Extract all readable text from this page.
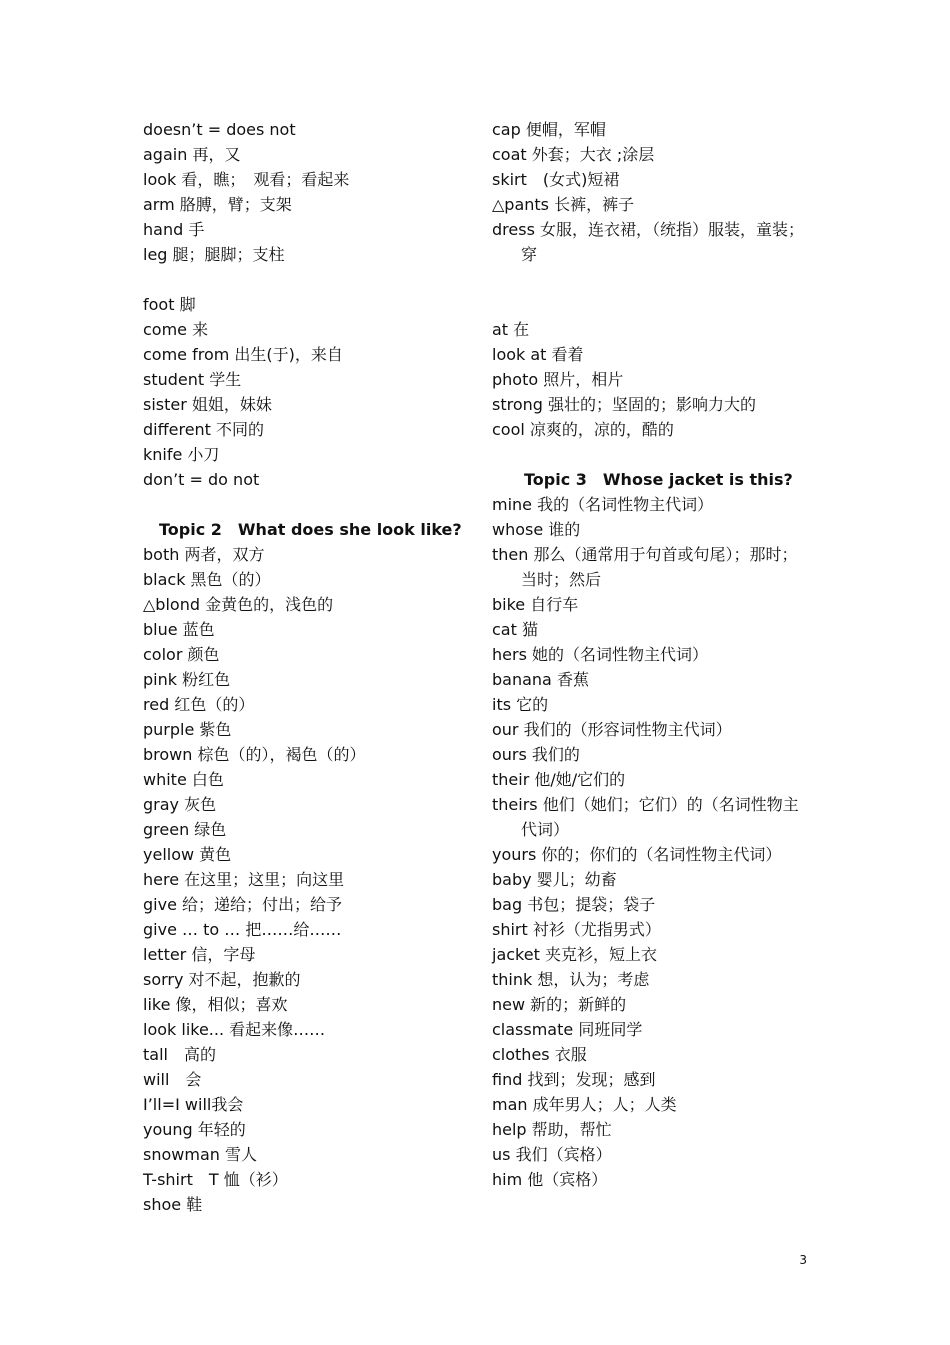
doesn’t = does not
again 再，又
look 看，瞧；　观看；看起来
arm 胳膊，臂；支架
hand 手
leg 腿；腿脚；支柱
foot 脚
come 来
come from 出生(于)，来自
student 学生
sister 姐姐，妹妹
different 不同的
knife 小刀
don’t = do not
Topic 2　What does she look like?
both 两者，双方
black 黑色（的）
△blond 金黄色的，浅色的
blue 蓝色
color 颜色
pink 粉红色
red 红色（的）
purple 紫色
brown 棕色（的），褐色（的）
white 白色
gray 灰色
green 绿色
yellow 黄色
here 在这里；这里；向这里
give 给；递给；付出；给予
give … to … 把……给……
letter 信，字母
sorry 对不起，抱歉的
like 像，相似；喜欢
look like... 看起来像……
tall　高的
will　会
I’ll=I will我会
young 年轻的
snowman 雪人
T-shirt　T 恤（衫）
shoe 鞋
cap 便帽，军帽
coat 外套；大衣 ;涂层
skirt　(女式)短裙
△pants 长裤，裤子
dress 女服，连衣裙，（统指）服装，童装；穿
at 在
look at 看着
photo 照片，相片
strong 强壮的；坚固的；影响力大的
cool 凉爽的，凉的，酷的
Topic 3　Whose jacket is this?
mine 我的（名词性物主代词）
whose 谁的
then 那么（通常用于句首或句尾）；那时；当时；然后
bike 自行车
cat 猫
hers 她的（名词性物主代词）
banana 香蕉
its 它的
our 我们的（形容词性物主代词）
ours 我们的
their 他/她/它们的
theirs 他们（她们；它们）的（名词性物主代词）
yours 你的；你们的（名词性物主代词）
baby 婴儿；幼畜
bag 书包；提袋；袋子
shirt 衬衫（尤指男式）
jacket 夹克衫，短上衣
think 想，认为；考虑
new 新的；新鲜的
classmate 同班同学
clothes 衣服
find 找到；发现；感到
man 成年男人；人；人类
help 帮助，帮忙
us 我们（宾格）
him 他（宾格）
3
